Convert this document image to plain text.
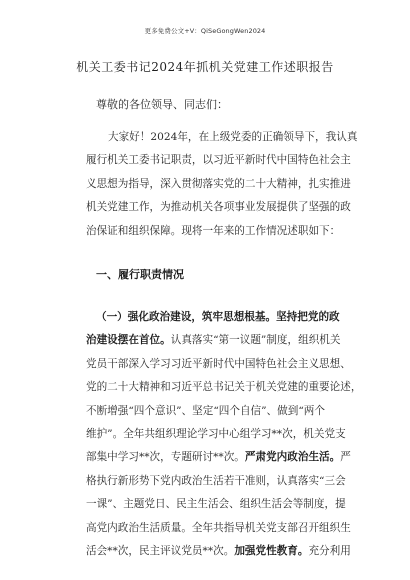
更多免费公文+V：QiSeGongWen2024
机关工委书记2024年抓机关党建工作述职报告
尊敬的各位领导、同志们：
大家好！2024年，在上级党委的正确领导下，我认真
履行机关工委书记职责，以习近平新时代中国特色社会主
义思想为指导，深入贯彻落实党的二十大精神，扎实推进
机关党建工作，为推动机关各项事业发展提供了坚强的政
治保证和组织保障。现将一年来的工作情况述职如下：
一、履行职责情况
（一）强化政治建设，筑牢思想根基。坚持把党的政
治建设摆在首位。认真落实“第一议题”制度，组织机关
党员干部深入学习习近平新时代中国特色社会主义思想、
党的二十大精神和习近平总书记关于机关党建的重要论述，
不断增强“四个意识”、坚定“四个自信”、做到“两个
维护”。全年共组织理论学习中心组学习**次，机关党支
部集中学习**次，专题研讨**次。严肃党内政治生活。严
格执行新形势下党内政治生活若干准则，认真落实“三会
一课”、主题党日、民主生活会、组织生活会等制度，提
高党内政治生活质量。全年共指导机关党支部召开组织生
活会**次，民主评议党员**次。加强党性教育。充分利用
